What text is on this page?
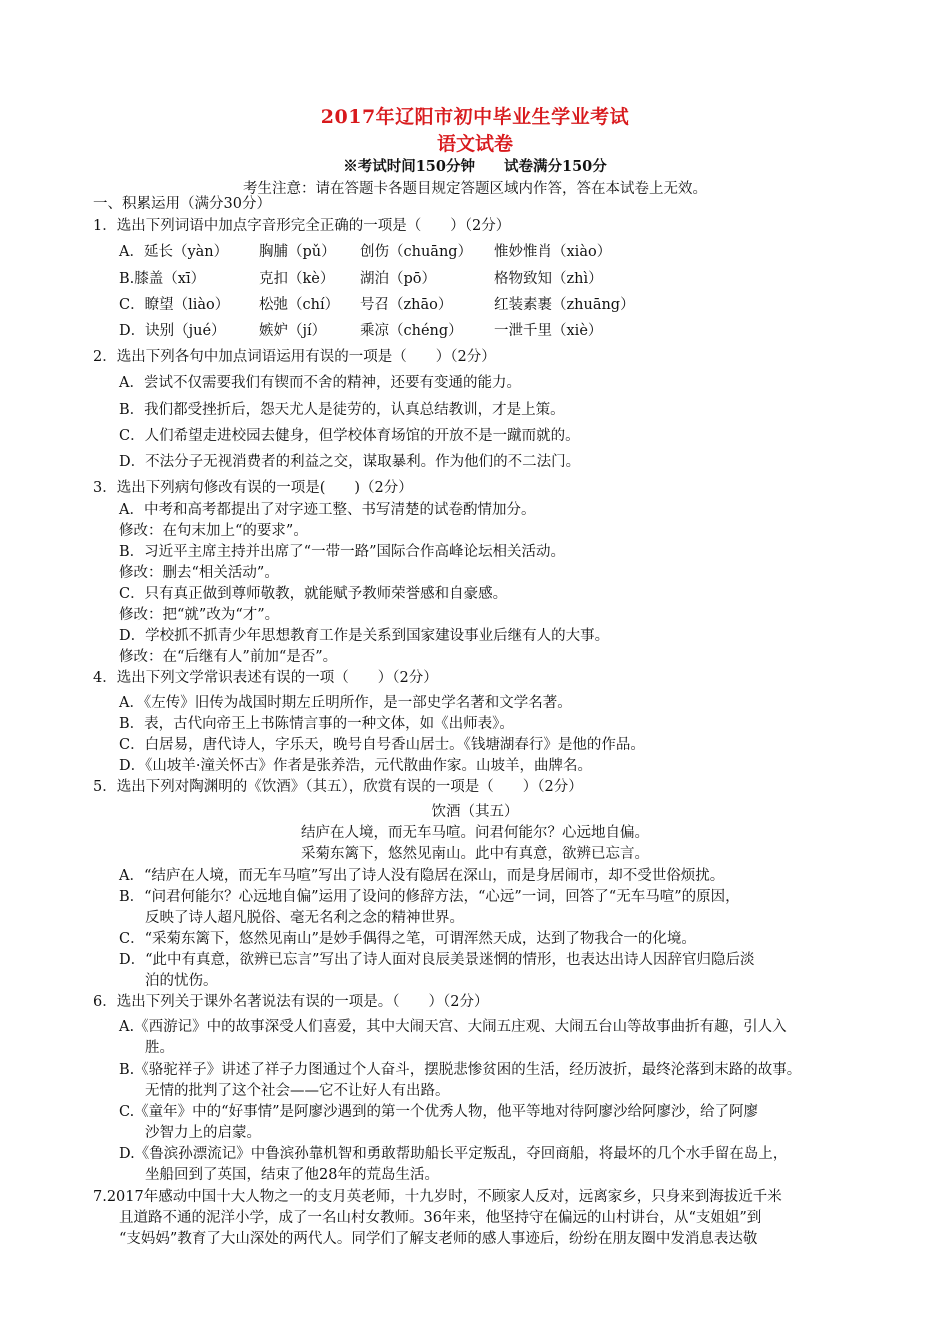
2017年辽阳市初中毕业生学业考试
语文试卷
※考试时间150分钟　　试卷满分150分
考生注意：请在答题卡各题目规定答题区域内作答，答在本试卷上无效。
一、积累运用（满分30分）
1．选出下列词语中加点字音形完全正确的一项是（　　）（2分）
A．延长（yàn） 胸脯（pǔ） 创伤（chuāng） 惟妙惟肖（xiào）
B.膝盖（xī）	克扣（kè） 湖泊（pō）	格物致知（zhì）
C．瞭望（liào） 松弛（chí） 号召（zhāo）	红装素裹（zhuāng）
D．诀别（jué） 嫉妒（jí） 乘凉（chéng） 一泄千里（xiè）
2．选出下列各句中加点词语运用有误的一项是（　　）（2分）
A．尝试不仅需要我们有锲而不舍的精神，还要有变通的能力。
B．我们都受挫折后，怨天尤人是徒劳的，认真总结教训，才是上策。
C．人们希望走进校园去健身，但学校体育场馆的开放不是一蹴而就的。
D．不法分子无视消费者的利益之交，谋取暴利。作为他们的不二法门。
3．选出下列病句修改有误的一项是(　　)（2分）
A．中考和高考都提出了对字迹工整、书写清楚的试卷酌情加分。
修改：在句末加上“的要求”。
B．习近平主席主持并出席了“一带一路”国际合作高峰论坛相关活动。
修改：删去“相关活动”。
C．只有真正做到尊师敬教，就能赋予教师荣誉感和自豪感。
修改：把“就”改为“才”。
D．学校抓不抓青少年思想教育工作是关系到国家建设事业后继有人的大事。
修改：在“后继有人”前加“是否”。
4．选出下列文学常识表述有误的一项（　　）（2分）
A．《左传》旧传为战国时期左丘明所作，是一部史学名著和文学名著。
B．表，古代向帝王上书陈情言事的一种文体，如《出师表》。
C．白居易，唐代诗人，字乐天，晚号自号香山居士。《钱塘湖春行》是他的作品。
D．《山坡羊·潼关怀古》作者是张养浩，元代散曲作家。山坡羊，曲牌名。
5．选出下列对陶渊明的《饮酒》（其五），欣赏有误的一项是（　　）（2分）
饮酒（其五）
结庐在人境，而无车马喧。问君何能尔？心远地自偏。
采菊东篱下，悠然见南山。此中有真意，欲辨已忘言。
A．“结庐在人境，而无车马喧”写出了诗人没有隐居在深山，而是身居闹市，却不受世俗烦扰。
B．“问君何能尔？心远地自偏”运用了设问的修辞方法，“心远”一词，回答了“无车马喧”的原因，
反映了诗人超凡脱俗、毫无名利之念的精神世界。
C．“采菊东篱下，悠然见南山”是妙手偶得之笔，可谓浑然天成，达到了物我合一的化境。
D．“此中有真意，欲辨已忘言”写出了诗人面对良辰美景迷惘的情形，也表达出诗人因辞官归隐后淡
泊的忧伤。
6．选出下列关于课外名著说法有误的一项是。（　　）（2分）
A.《西游记》中的故事深受人们喜爱，其中大闹天宫、大闹五庄观、大闹五台山等故事曲折有趣，引人入
胜。
B.《骆驼祥子》讲述了祥子力图通过个人奋斗，摆脱悲惨贫困的生活，经历波折，最终沦落到末路的故事。
无情的批判了这个社会——它不让好人有出路。
C.《童年》中的“好事情”是阿廖沙遇到的第一个优秀人物，他平等地对待阿廖沙给阿廖沙，给了阿廖
沙智力上的启蒙。
D.《鲁滨孙漂流记》中鲁滨孙靠机智和勇敢帮助船长平定叛乱，夺回商船，将最坏的几个水手留在岛上，
坐船回到了英国，结束了他28年的荒岛生活。
7.2017年感动中国十大人物之一的支月英老师，十九岁时，不顾家人反对，远离家乡，只身来到海拔近千米
且道路不通的泥洋小学，成了一名山村女教师。36年来，他坚持守在偏远的山村讲台，从“支姐姐”到
“支妈妈”教育了大山深处的两代人。同学们了解支老师的感人事迹后，纷纷在朋友圈中发消息表达敬
